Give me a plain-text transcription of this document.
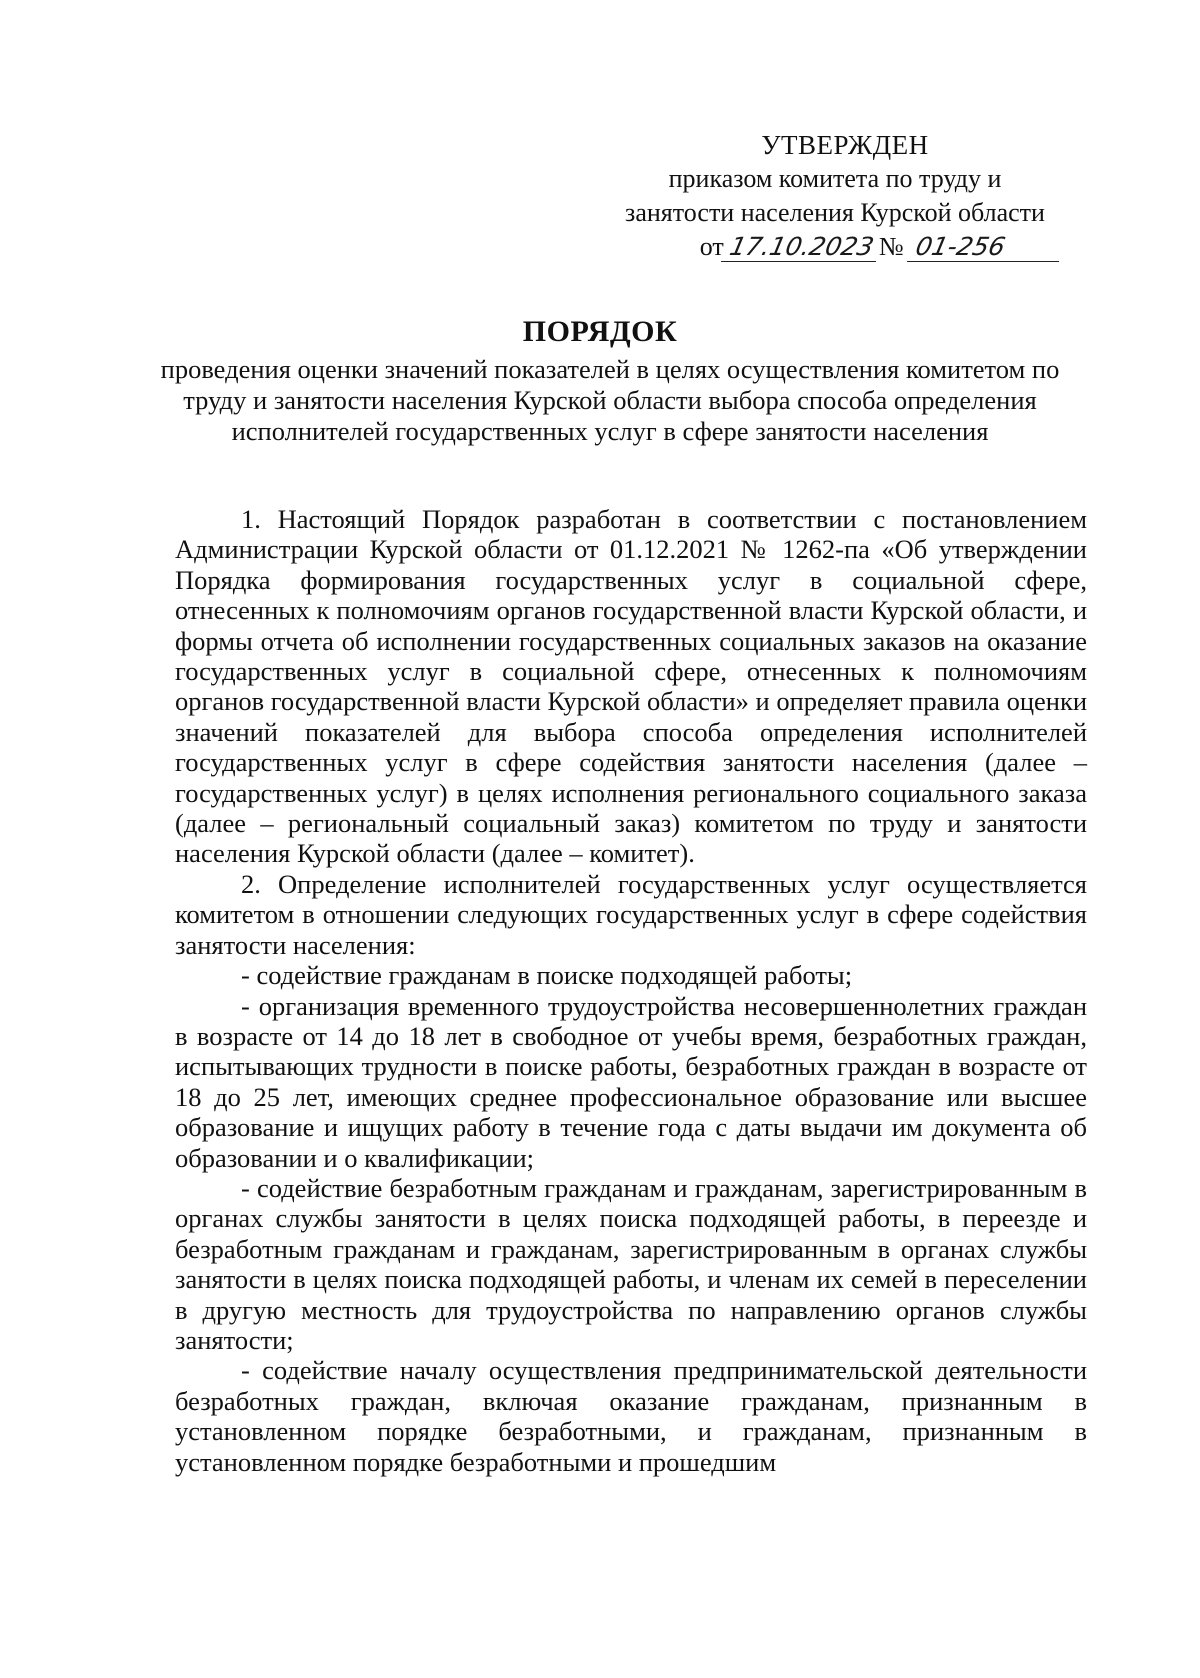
УТВЕРЖДЕН
приказом комитета по труду и
занятости населения Курской области
от 17.10.2023 № 01-256
ПОРЯДОК
проведения оценки значений показателей в целях осуществления комитетом по труду и занятости населения Курской области выбора способа определения исполнителей государственных услуг в сфере занятости населения

1. Настоящий Порядок разработан в соответствии с постановлением Администрации Курской области от 01.12.2021 № 1262-па «Об утверждении Порядка формирования государственных услуг в социальной сфере, отнесенных к полномочиям органов государственной власти Курской области, и формы отчета об исполнении государственных социальных заказов на оказание государственных услуг в социальной сфере, отнесенных к полномочиям органов государственной власти Курской области» и определяет правила оценки значений показателей для выбора способа определения исполнителей государственных услуг в сфере содействия занятости населения (далее – государственных услуг) в целях исполнения регионального социального заказа (далее – региональный социальный заказ) комитетом по труду и занятости населения Курской области (далее – комитет).

2. Определение исполнителей государственных услуг осуществляется комитетом в отношении следующих государственных услуг в сфере содействия занятости населения:

- содействие гражданам в поиске подходящей работы;

- организация временного трудоустройства несовершеннолетних граждан в возрасте от 14 до 18 лет в свободное от учебы время, безработных граждан, испытывающих трудности в поиске работы, безработных граждан в возрасте от 18 до 25 лет, имеющих среднее профессиональное образование или высшее образование и ищущих работу в течение года с даты выдачи им документа об образовании и о квалификации;

- содействие безработным гражданам и гражданам, зарегистрированным в органах службы занятости в целях поиска подходящей работы, в переезде и безработным гражданам и гражданам, зарегистрированным в органах службы занятости в целях поиска подходящей работы, и членам их семей в переселении в другую местность для трудоустройства по направлению органов службы занятости;

- содействие началу осуществления предпринимательской деятельности безработных граждан, включая оказание гражданам, признанным в установленном порядке безработными, и гражданам, признанным в установленном порядке безработными и прошедшим
